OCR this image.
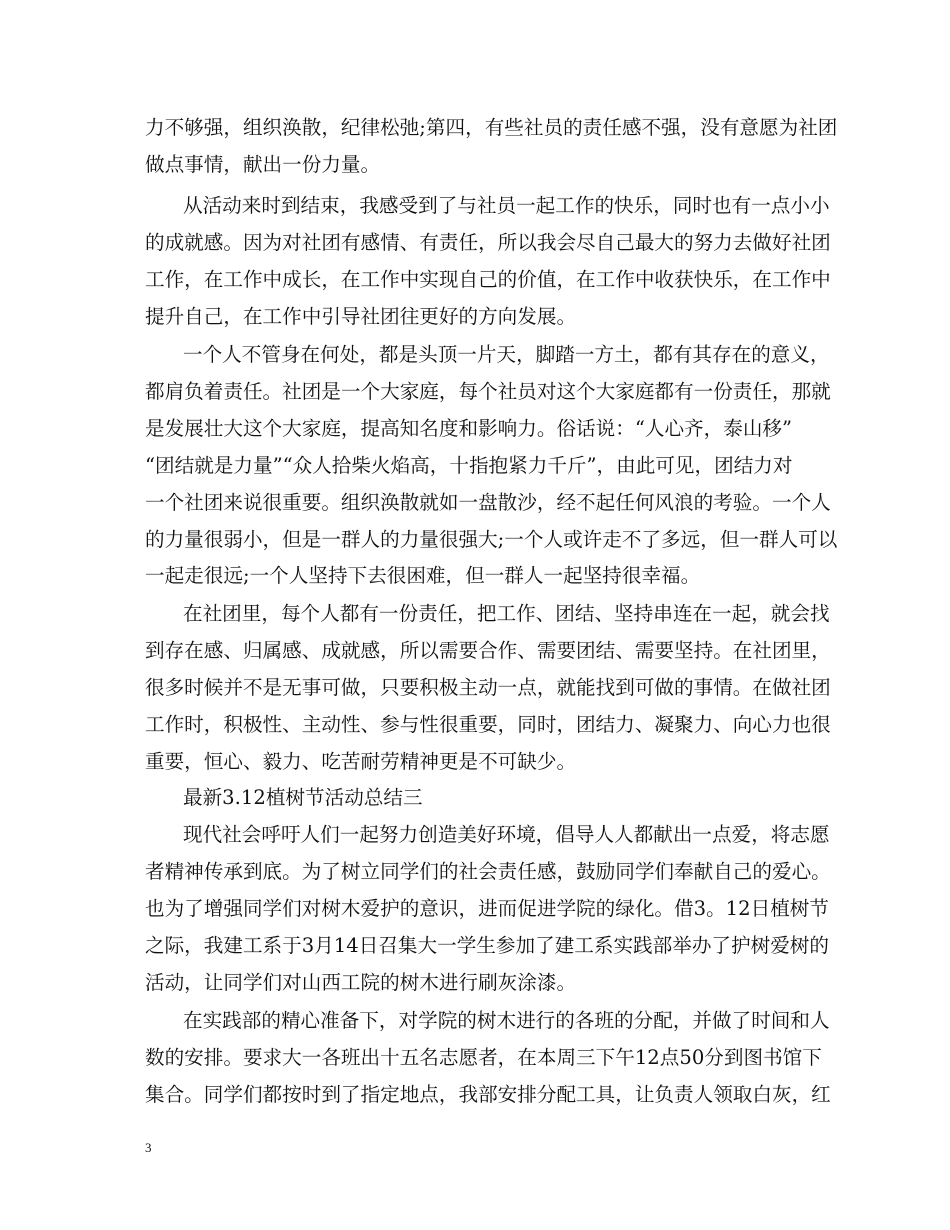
力不够强，组织涣散，纪律松弛;第四，有些社员的责任感不强，没有意愿为社团
做点事情，献出一份力量。
从活动来时到结束，我感受到了与社员一起工作的快乐，同时也有一点小小
的成就感。因为对社团有感情、有责任，所以我会尽自己最大的努力去做好社团
工作，在工作中成长，在工作中实现自己的价值，在工作中收获快乐，在工作中
提升自己，在工作中引导社团往更好的方向发展。
一个人不管身在何处，都是头顶一片天，脚踏一方土，都有其存在的意义，
都肩负着责任。社团是一个大家庭，每个社员对这个大家庭都有一份责任，那就
是发展壮大这个大家庭，提高知名度和影响力。俗话说：“人心齐，泰山移”
“团结就是力量”“众人拾柴火焰高，十指抱紧力千斤”，由此可见，团结力对
一个社团来说很重要。组织涣散就如一盘散沙，经不起任何风浪的考验。一个人
的力量很弱小，但是一群人的力量很强大;一个人或许走不了多远，但一群人可以
一起走很远;一个人坚持下去很困难，但一群人一起坚持很幸福。
在社团里，每个人都有一份责任，把工作、团结、坚持串连在一起，就会找
到存在感、归属感、成就感，所以需要合作、需要团结、需要坚持。在社团里，
很多时候并不是无事可做，只要积极主动一点，就能找到可做的事情。在做社团
工作时，积极性、主动性、参与性很重要，同时，团结力、凝聚力、向心力也很
重要，恒心、毅力、吃苦耐劳精神更是不可缺少。
最新3.12植树节活动总结三
现代社会呼吁人们一起努力创造美好环境，倡导人人都献出一点爱，将志愿
者精神传承到底。为了树立同学们的社会责任感，鼓励同学们奉献自己的爱心。
也为了增强同学们对树木爱护的意识，进而促进学院的绿化。借3。12日植树节
之际，我建工系于3月14日召集大一学生参加了建工系实践部举办了护树爱树的
活动，让同学们对山西工院的树木进行刷灰涂漆。
在实践部的精心准备下，对学院的树木进行的各班的分配，并做了时间和人
数的安排。要求大一各班出十五名志愿者，在本周三下午12点50分到图书馆下
集合。同学们都按时到了指定地点，我部安排分配工具，让负责人领取白灰，红
3
